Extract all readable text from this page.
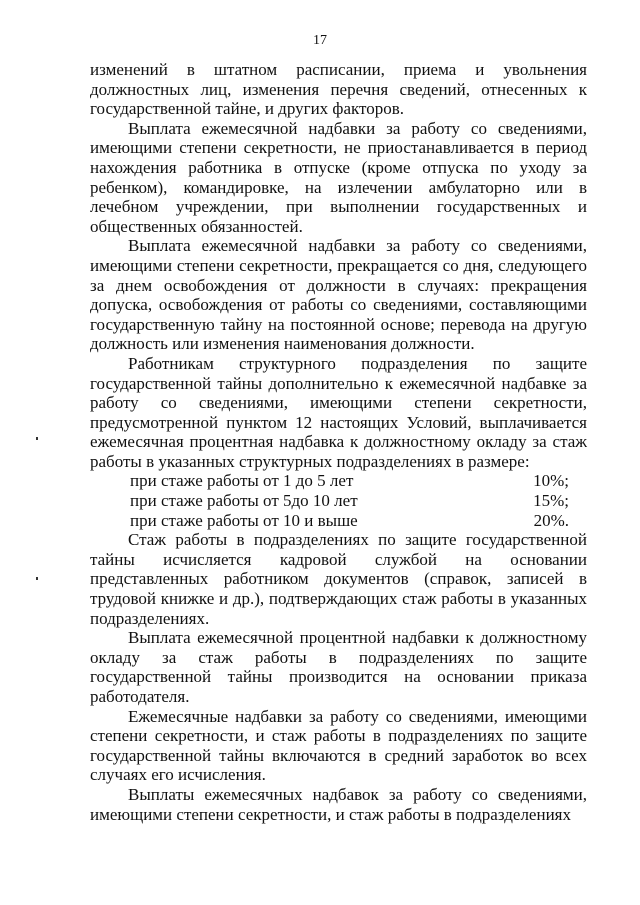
17

изменений в штатном расписании, приема и увольнения должностных лиц, изменения перечня сведений, отнесенных к государственной тайне, и других факторов.

Выплата ежемесячной надбавки за работу со сведениями, имеющими степени секретности, не приостанавливается в период нахождения работника в отпуске (кроме отпуска по уходу за ребенком), командировке, на излечении амбулаторно или в лечебном учреждении, при выполнении государственных и общественных обязанностей.

Выплата ежемесячной надбавки за работу со сведениями, имеющими степени секретности, прекращается со дня, следующего за днем освобождения от должности в случаях: прекращения допуска, освобождения от работы со сведениями, составляющими государственную тайну на постоянной основе; перевода на другую должность или изменения наименования должности.

Работникам структурного подразделения по защите государственной тайны дополнительно к ежемесячной надбавке за работу со сведениями, имеющими степени секретности, предусмотренной пунктом 12 настоящих Условий, выплачивается ежемесячная процентная надбавка к должностному окладу за стаж работы в указанных структурных подразделениях в размере:

при стаже работы от 1 до 5 лет	10%;
при стаже работы от 5до 10 лет	15%;
при стаже работы от 10 и выше	20%.

Стаж работы в подразделениях по защите государственной тайны исчисляется кадровой службой на основании представленных работником документов (справок, записей в трудовой книжке и др.), подтверждающих стаж работы в указанных подразделениях.

Выплата ежемесячной процентной надбавки к должностному окладу за стаж работы в подразделениях по защите государственной тайны производится на основании приказа работодателя.

Ежемесячные надбавки за работу со сведениями, имеющими степени секретности, и стаж работы в подразделениях по защите государственной тайны включаются в средний заработок во всех случаях его исчисления.

Выплаты ежемесячных надбавок за работу со сведениями, имеющими степени секретности, и стаж работы в подразделениях
